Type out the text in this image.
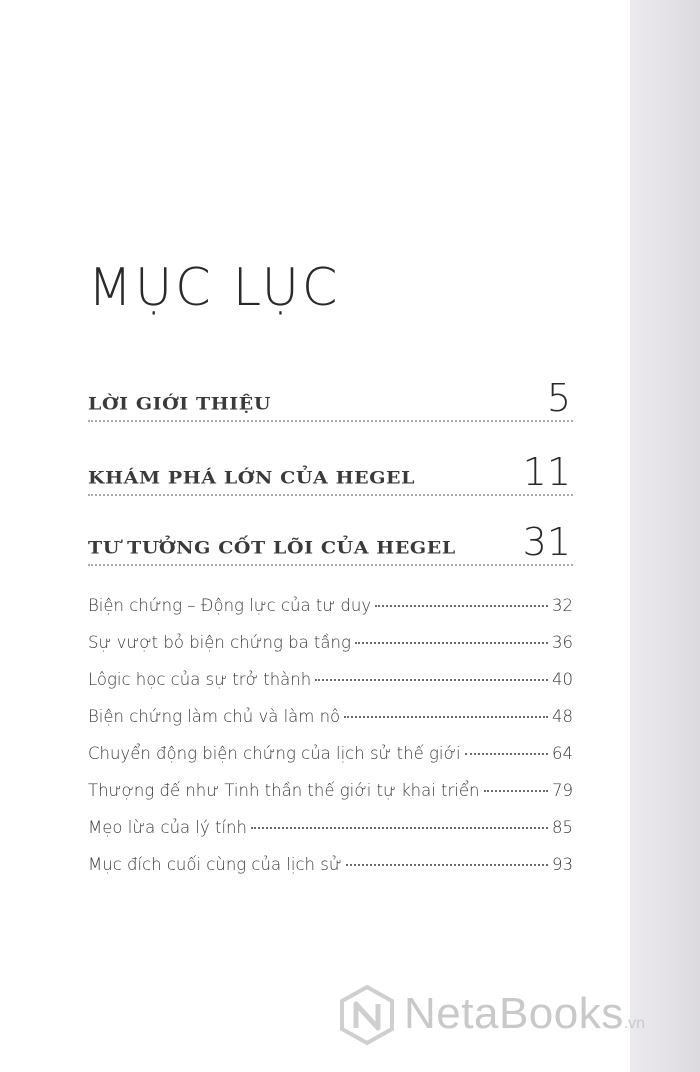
MỤC LỤC
LỜI GIỚI THIỆU	5
KHÁM PHÁ LỚN CỦA HEGEL	11
TƯ TƯỞNG CỐT LÕI CỦA HEGEL 31
Biện chứng – Động lực của tư duy	32
Sự vượt bỏ biện chứng ba tầng	36
Lôgic học của sự trở thành	40
Biện chứng làm chủ và làm nô	48
Chuyển động biện chứng của lịch sử thế giới	64
Thượng đế như Tinh thần thế giới tự khai triển	79
Mẹo lừa của lý tính	85
Mục đích cuối cùng của lịch sử	93
NetaBooks.vn
